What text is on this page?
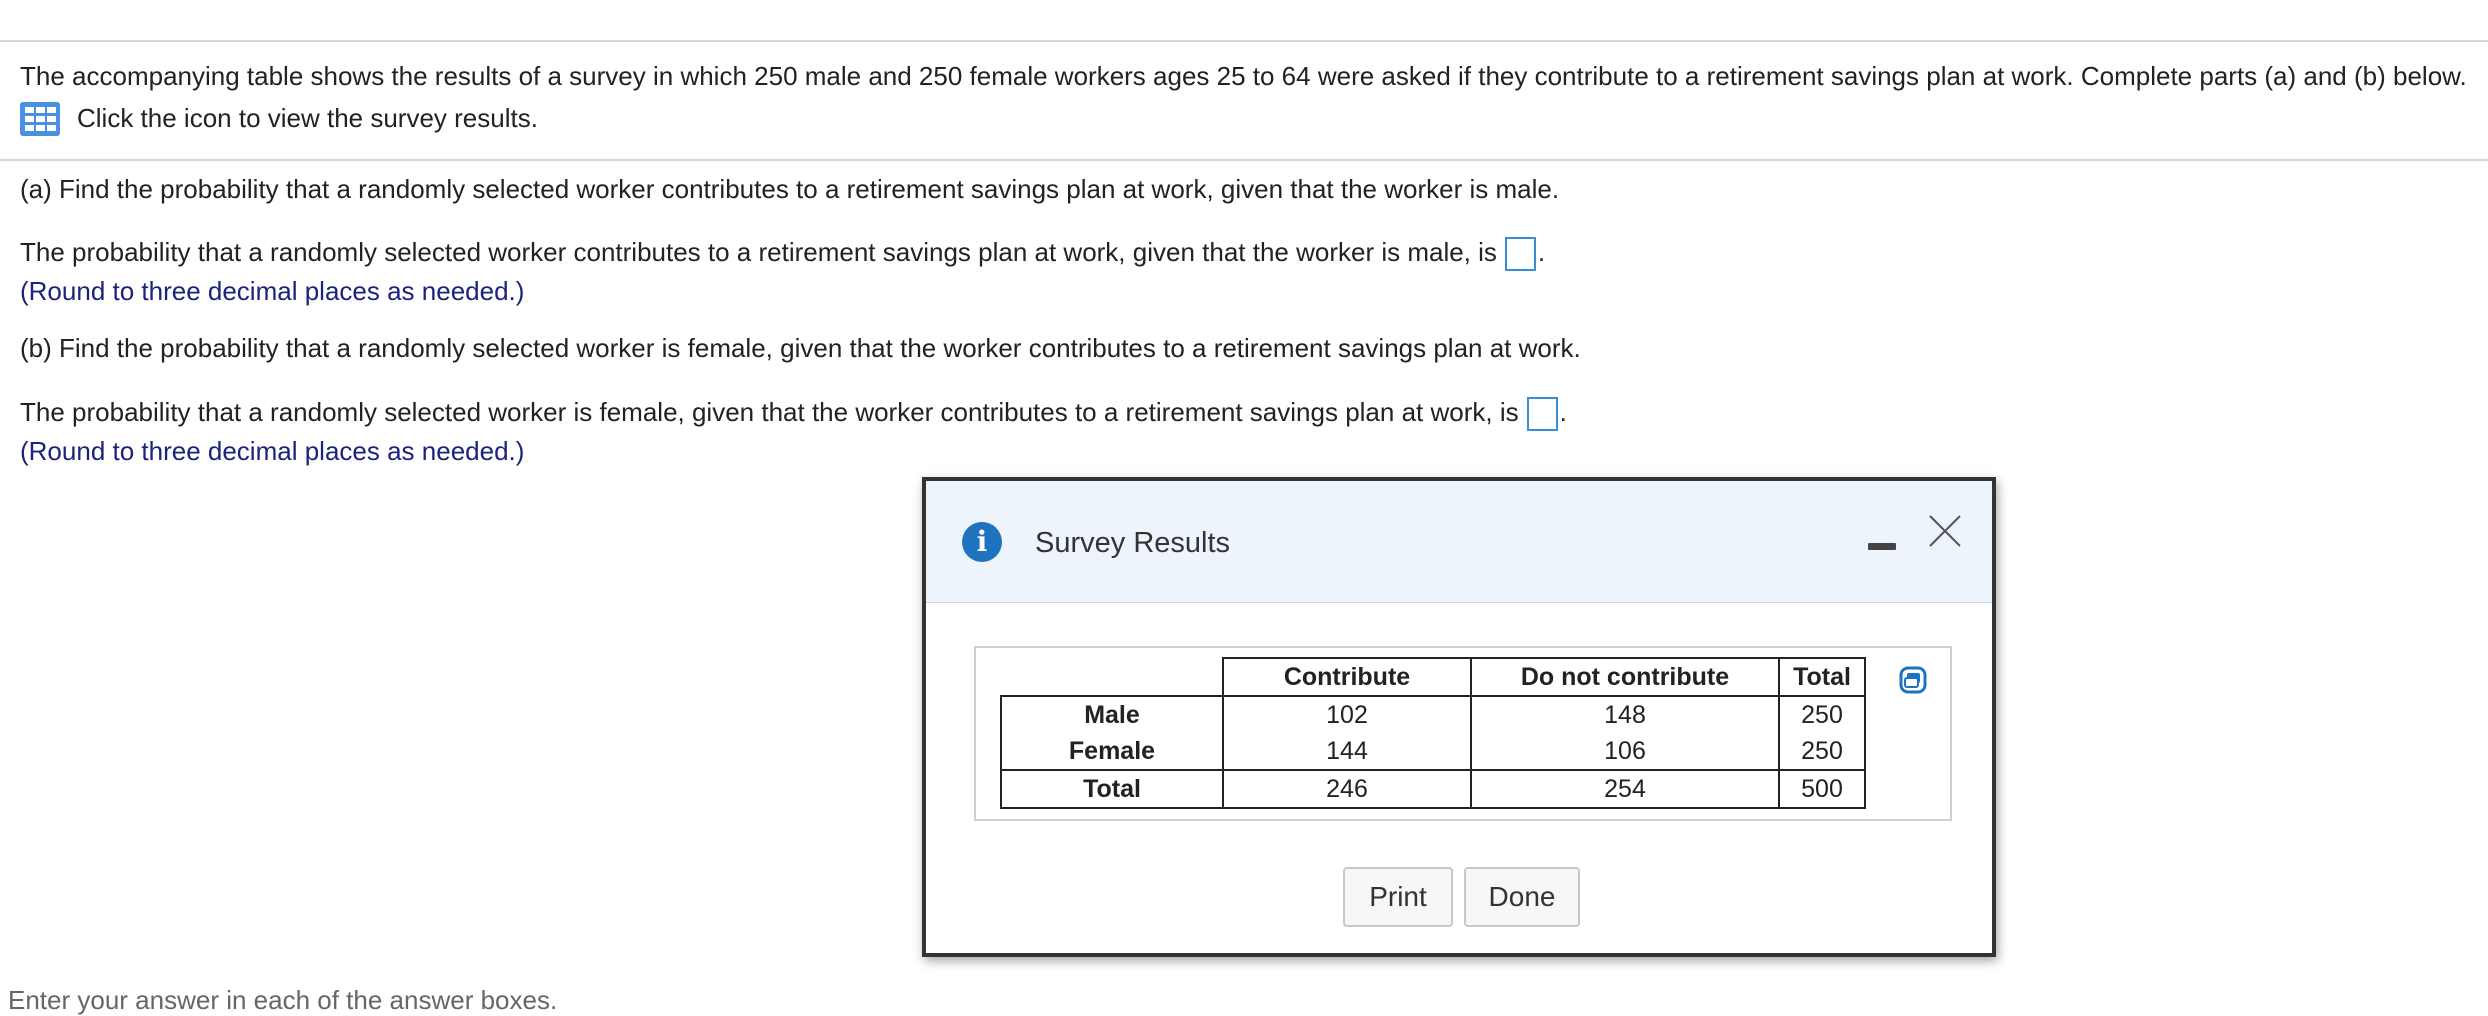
The accompanying table shows the results of a survey in which 250 male and 250 female workers ages 25 to 64 were asked if they contribute to a retirement savings plan at work. Complete parts (a) and (b) below.
Click the icon to view the survey results.
(a) Find the probability that a randomly selected worker contributes to a retirement savings plan at work, given that the worker is male.
The probability that a randomly selected worker contributes to a retirement savings plan at work, given that the worker is male, is .
(Round to three decimal places as needed.)
(b) Find the probability that a randomly selected worker is female, given that the worker contributes to a retirement savings plan at work.
The probability that a randomly selected worker is female, given that the worker contributes to a retirement savings plan at work, is .
(Round to three decimal places as needed.)
i	Survey Results
	Contribute	Do not contribute	Total
Male	102	148	250
Female	144	106	250
Total	246	254	500
Print	Done
Enter your answer in each of the answer boxes.
